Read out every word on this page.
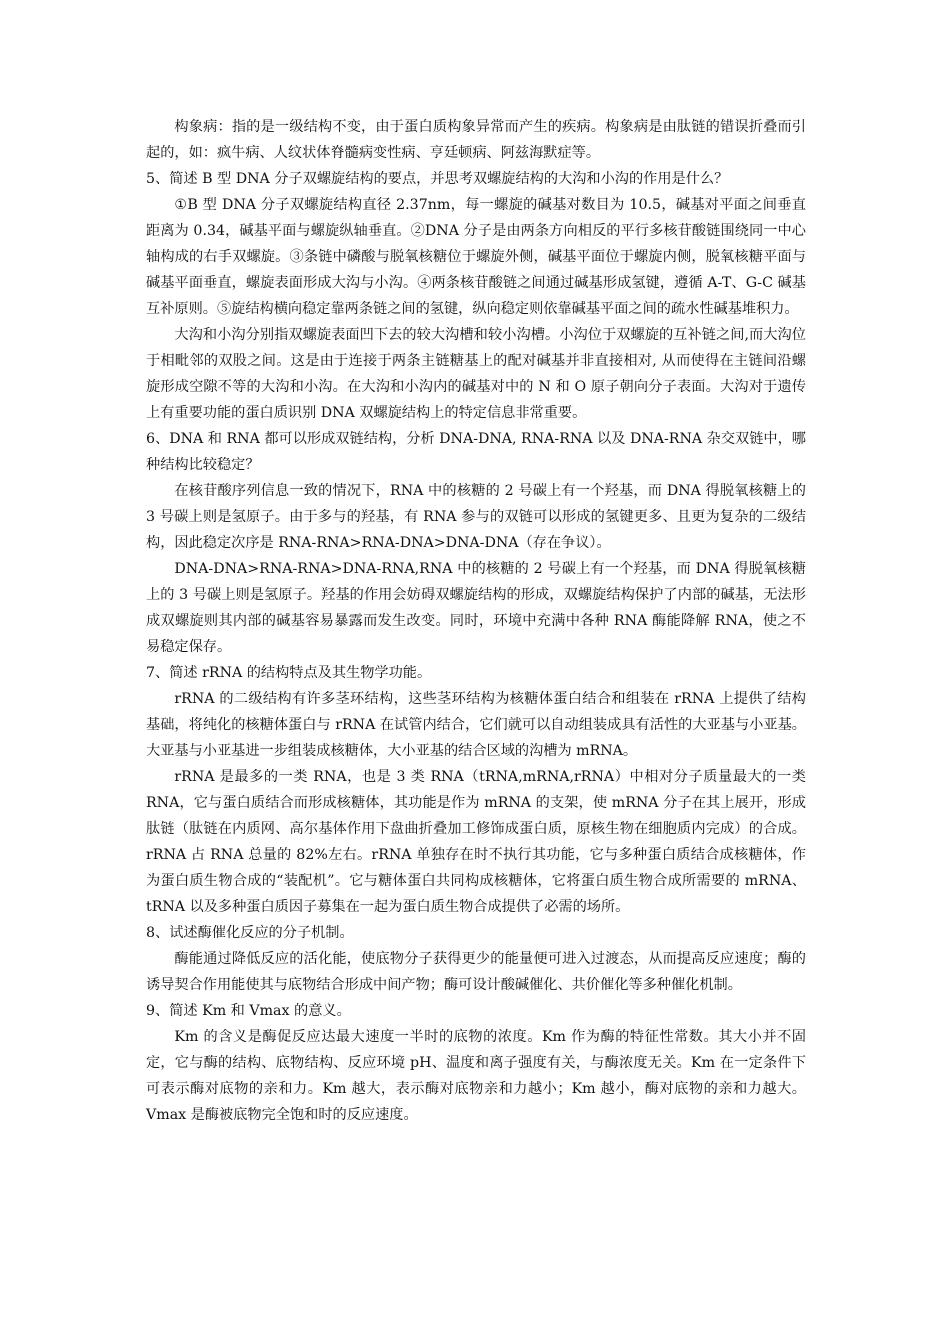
构象病：指的是一级结构不变，由于蛋白质构象异常而产生的疾病。构象病是由肽链的错误折叠而引起的，如：疯牛病、人纹状体脊髓病变性病、亨廷顿病、阿兹海默症等。

5、简述 B 型 DNA 分子双螺旋结构的要点，并思考双螺旋结构的大沟和小沟的作用是什么？

①B 型 DNA 分子双螺旋结构直径 2.37nm，每一螺旋的碱基对数目为 10.5，碱基对平面之间垂直距离为 0.34，碱基平面与螺旋纵轴垂直。②DNA 分子是由两条方向相反的平行多核苷酸链围绕同一中心轴构成的右手双螺旋。③条链中磷酸与脱氧核糖位于螺旋外侧，碱基平面位于螺旋内侧，脱氧核糖平面与碱基平面垂直，螺旋表面形成大沟与小沟。④两条核苷酸链之间通过碱基形成氢键，遵循 A-T、G-C 碱基互补原则。⑤旋结构横向稳定靠两条链之间的氢键，纵向稳定则依靠碱基平面之间的疏水性碱基堆积力。

大沟和小沟分别指双螺旋表面凹下去的较大沟槽和较小沟槽。小沟位于双螺旋的互补链之间,而大沟位于相毗邻的双股之间。这是由于连接于两条主链糖基上的配对碱基并非直接相对, 从而使得在主链间沿螺旋形成空隙不等的大沟和小沟。在大沟和小沟内的碱基对中的 N 和 O 原子朝向分子表面。大沟对于遗传上有重要功能的蛋白质识别 DNA 双螺旋结构上的特定信息非常重要。

6、DNA 和 RNA 都可以形成双链结构，分析 DNA-DNA, RNA-RNA 以及 DNA-RNA 杂交双链中，哪种结构比较稳定？

在核苷酸序列信息一致的情况下，RNA 中的核糖的 2 号碳上有一个羟基，而 DNA 得脱氧核糖上的 3 号碳上则是氢原子。由于多与的羟基，有 RNA 参与的双链可以形成的氢键更多、且更为复杂的二级结构，因此稳定次序是 RNA-RNA>RNA-DNA>DNA-DNA（存在争议）。

DNA-DNA>RNA-RNA>DNA-RNA,RNA 中的核糖的 2 号碳上有一个羟基，而 DNA 得脱氧核糖上的 3 号碳上则是氢原子。羟基的作用会妨碍双螺旋结构的形成，双螺旋结构保护了内部的碱基，无法形成双螺旋则其内部的碱基容易暴露而发生改变。同时，环境中充满中各种 RNA 酶能降解 RNA，使之不易稳定保存。

7、简述 rRNA 的结构特点及其生物学功能。

rRNA 的二级结构有许多茎环结构，这些茎环结构为核糖体蛋白结合和组装在 rRNA 上提供了结构基础，将纯化的核糖体蛋白与 rRNA 在试管内结合，它们就可以自动组装成具有活性的大亚基与小亚基。大亚基与小亚基进一步组装成核糖体，大小亚基的结合区域的沟槽为 mRNA。

rRNA 是最多的一类 RNA，也是 3 类 RNA（tRNA,mRNA,rRNA）中相对分子质量最大的一类 RNA，它与蛋白质结合而形成核糖体，其功能是作为 mRNA 的支架，使 mRNA 分子在其上展开，形成肽链（肽链在内质网、高尔基体作用下盘曲折叠加工修饰成蛋白质，原核生物在细胞质内完成）的合成。rRNA 占 RNA 总量的 82%左右。rRNA 单独存在时不执行其功能，它与多种蛋白质结合成核糖体，作为蛋白质生物合成的“装配机”。它与糖体蛋白共同构成核糖体，它将蛋白质生物合成所需要的 mRNA、tRNA 以及多种蛋白质因子募集在一起为蛋白质生物合成提供了必需的场所。

8、试述酶催化反应的分子机制。

酶能通过降低反应的活化能，使底物分子获得更少的能量便可进入过渡态，从而提高反应速度；酶的诱导契合作用能使其与底物结合形成中间产物；酶可设计酸碱催化、共价催化等多种催化机制。

9、简述 Km 和 Vmax 的意义。

Km 的含义是酶促反应达最大速度一半时的底物的浓度。Km 作为酶的特征性常数。其大小并不固定，它与酶的结构、底物结构、反应环境 pH、温度和离子强度有关，与酶浓度无关。Km 在一定条件下可表示酶对底物的亲和力。Km 越大，表示酶对底物亲和力越小；Km 越小，酶对底物的亲和力越大。Vmax 是酶被底物完全饱和时的反应速度。
